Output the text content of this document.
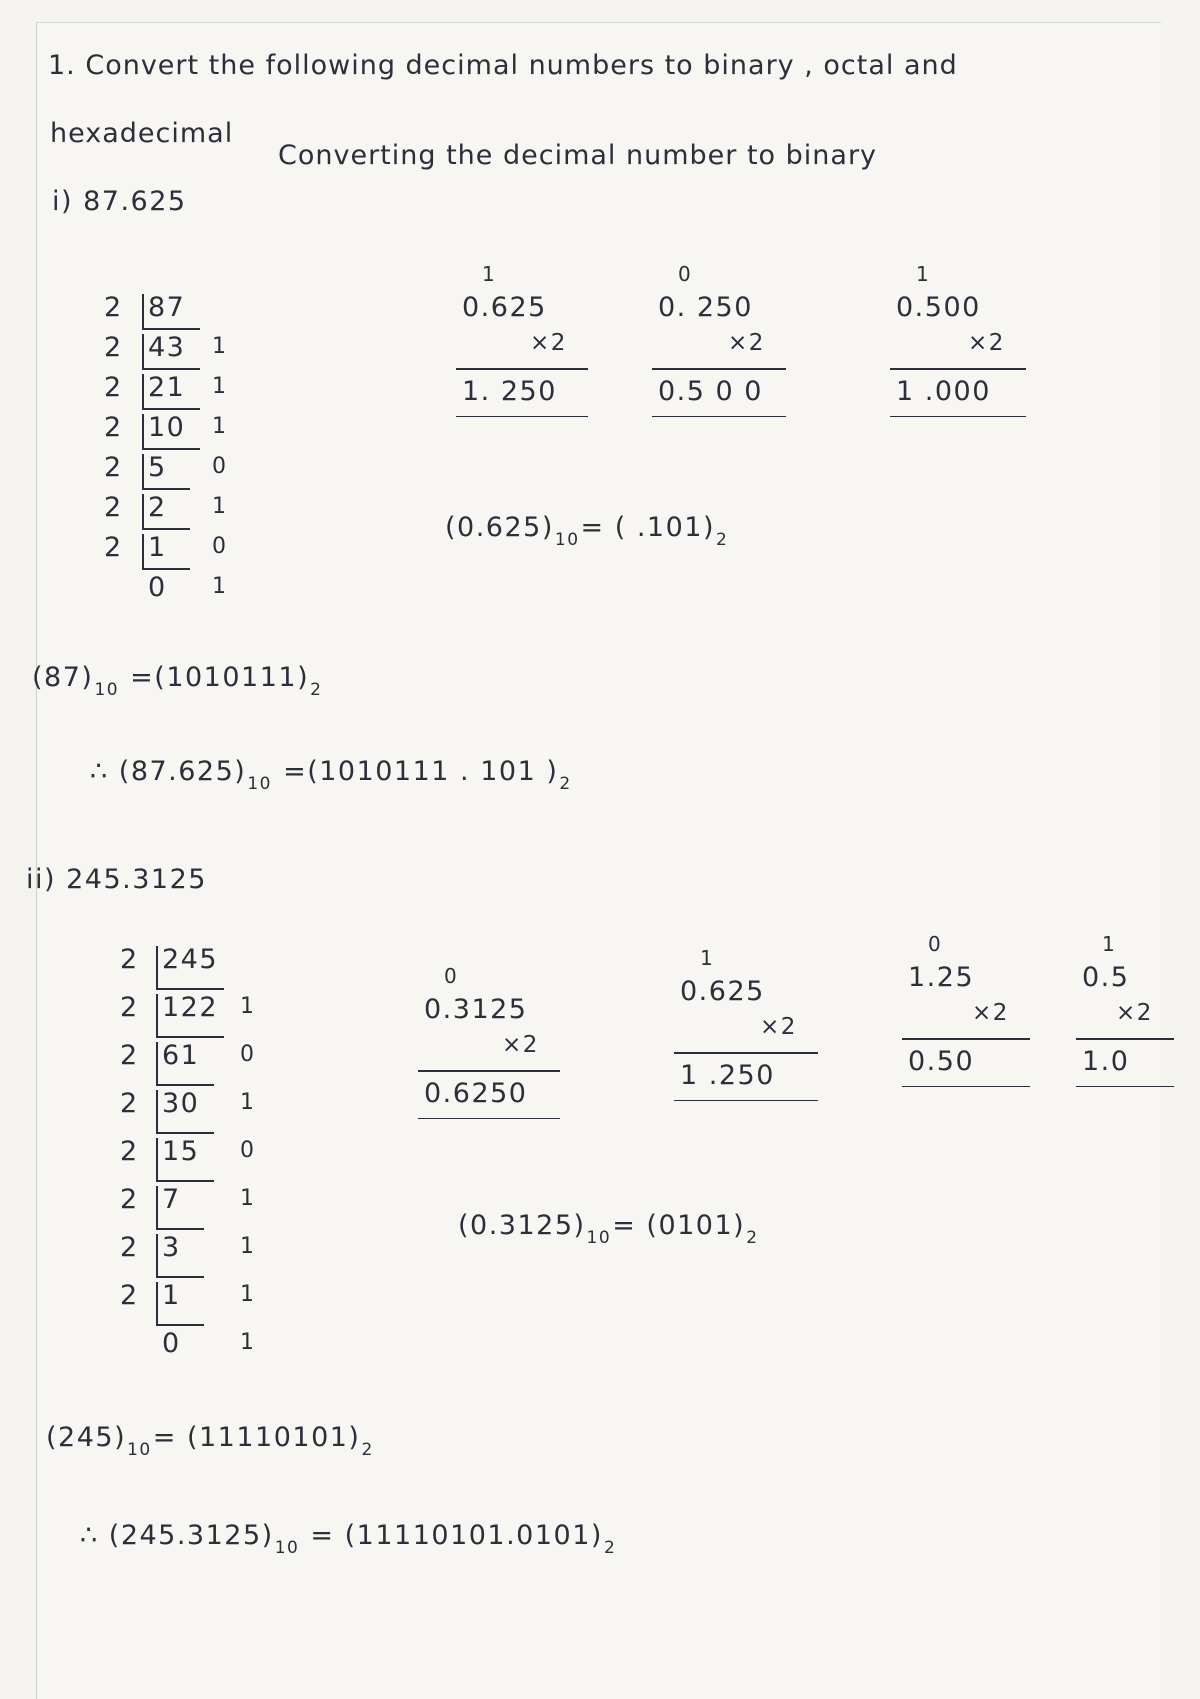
1. Convert the following decimal numbers to binary , octal and
hexadecimal
Converting the decimal number to binary
i) 87.625
2 87
2 43 1
2 21 1
2 10 1
2 5 0
2 2 1
2 1 0
0 1
1
0.625
×2
1. 250
0
0. 250
×2
0.5 0 0
1
0.500
×2
1 .000
$(0.625)_{10}=$ ( $.101)_2$
$(87)_{10} =(1010111)_2$
∴ $(87.625)_{10} =(1010111$ . 101 )$_2$
ii) 245.3125
2 245
2 122 1
2 61 0
2 30 1
2 15 0
2 7	1
2 3	1
2 1	1
0	1
0
0.3125
×2
0.6250
1
0.625
×2
1 .250
0
1.25
×2
0.50
1
0.5
×2
1.0
$(0.3125)_{10}= (0101)_2$
$(245)_{10}= (11110101)_2$
∴ $(245.3125)_{10} = (11110101.0101)_2$
